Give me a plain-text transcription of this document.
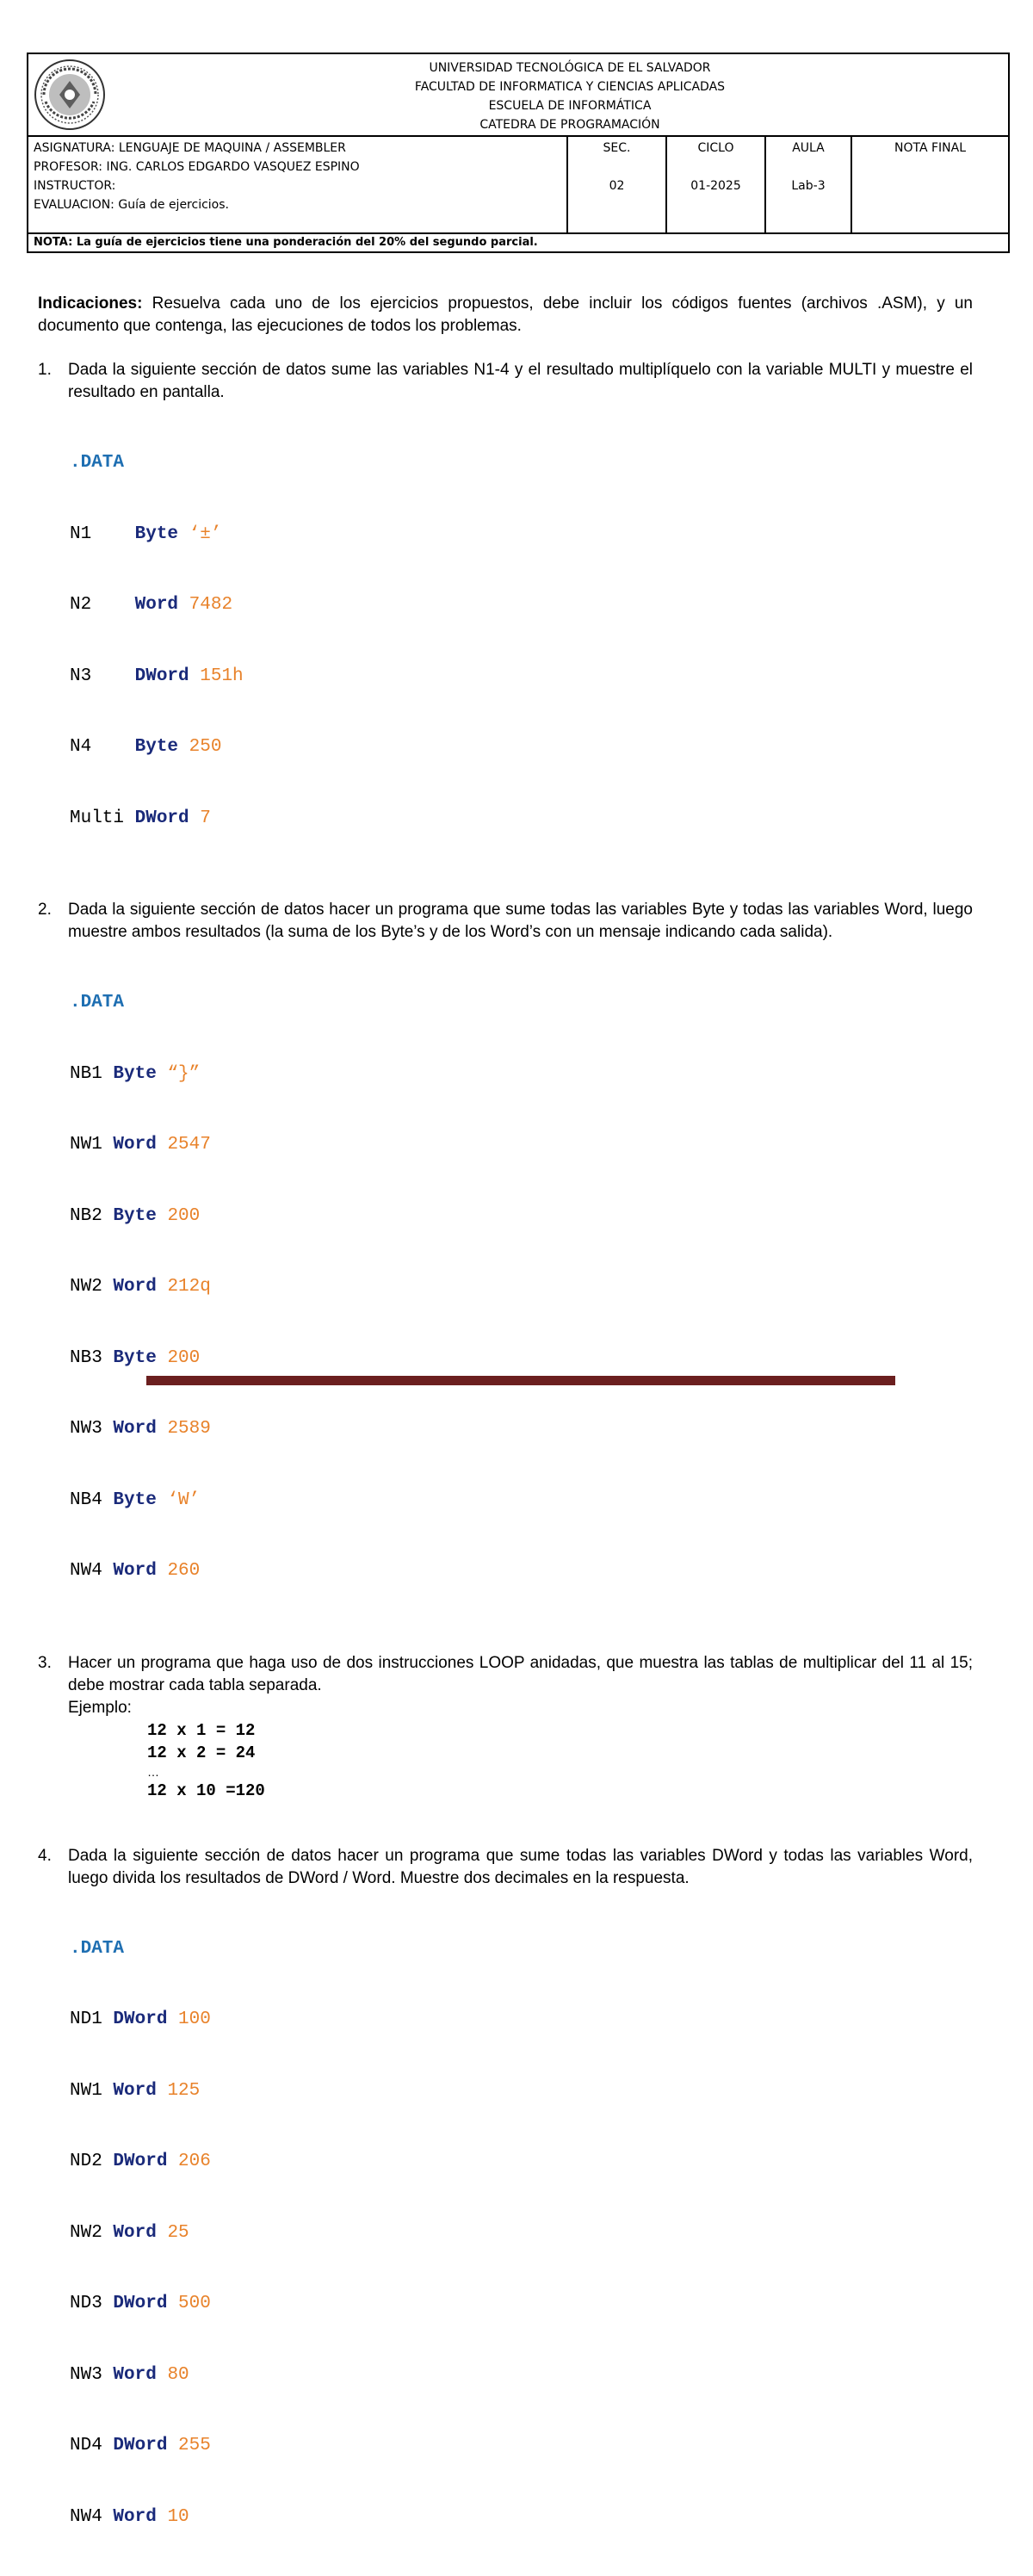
UNIVERSIDAD TECNOLÓGICA DE EL SALVADOR
FACULTAD DE INFORMATICA Y CIENCIAS APLICADAS
ESCUELA DE INFORMÁTICA
CATEDRA DE PROGRAMACIÓN
ASIGNATURA: LENGUAJE DE MAQUINA / ASSEMBLER
PROFESOR: ING. CARLOS EDGARDO VASQUEZ ESPINO
INSTRUCTOR:
EVALUACION: Guía de ejercicios.
SEC.
02
CICLO
01-2025
AULA
Lab-3
NOTA FINAL
NOTA: La guía de ejercicios tiene una ponderación del 20% del segundo parcial.

Indicaciones: Resuelva cada uno de los ejercicios propuestos, debe incluir los códigos fuentes (archivos .ASM), y un documento que contenga, las ejecuciones de todos los problemas.

1. Dada la siguiente sección de datos sume las variables N1-4 y el resultado multiplíquelo con la variable MULTI y muestre el resultado en pantalla.

.DATA

N1    Byte ‘±’

N2    Word 7482

N3    DWord 151h

N4    Byte 250

Multi DWord 7

2. Dada la siguiente sección de datos hacer un programa que sume todas las variables Byte y todas las variables Word, luego muestre ambos resultados (la suma de los Byte’s y de los Word’s con un mensaje indicando cada salida).

.DATA

NB1 Byte “}”

NW1 Word 2547

NB2 Byte 200

NW2 Word 212q

NB3 Byte 200

NW3 Word 2589

NB4 Byte ‘W’

NW4 Word 260

3. Hacer un programa que haga uso de dos instrucciones LOOP anidadas, que muestra las tablas de multiplicar del 11 al 15; debe mostrar cada tabla separada.

Ejemplo:
12 x 1 = 12
12 x 2 = 24
…
12 x 10 =120
4. Dada la siguiente sección de datos hacer un programa que sume todas las variables DWord y todas las variables Word, luego divida los resultados de DWord / Word. Muestre dos decimales en la respuesta.

.DATA

ND1 DWord 100

NW1 Word 125

ND2 DWord 206

NW2 Word 25

ND3 DWord 500

NW3 Word 80

ND4 DWord 255

NW4 Word 10
